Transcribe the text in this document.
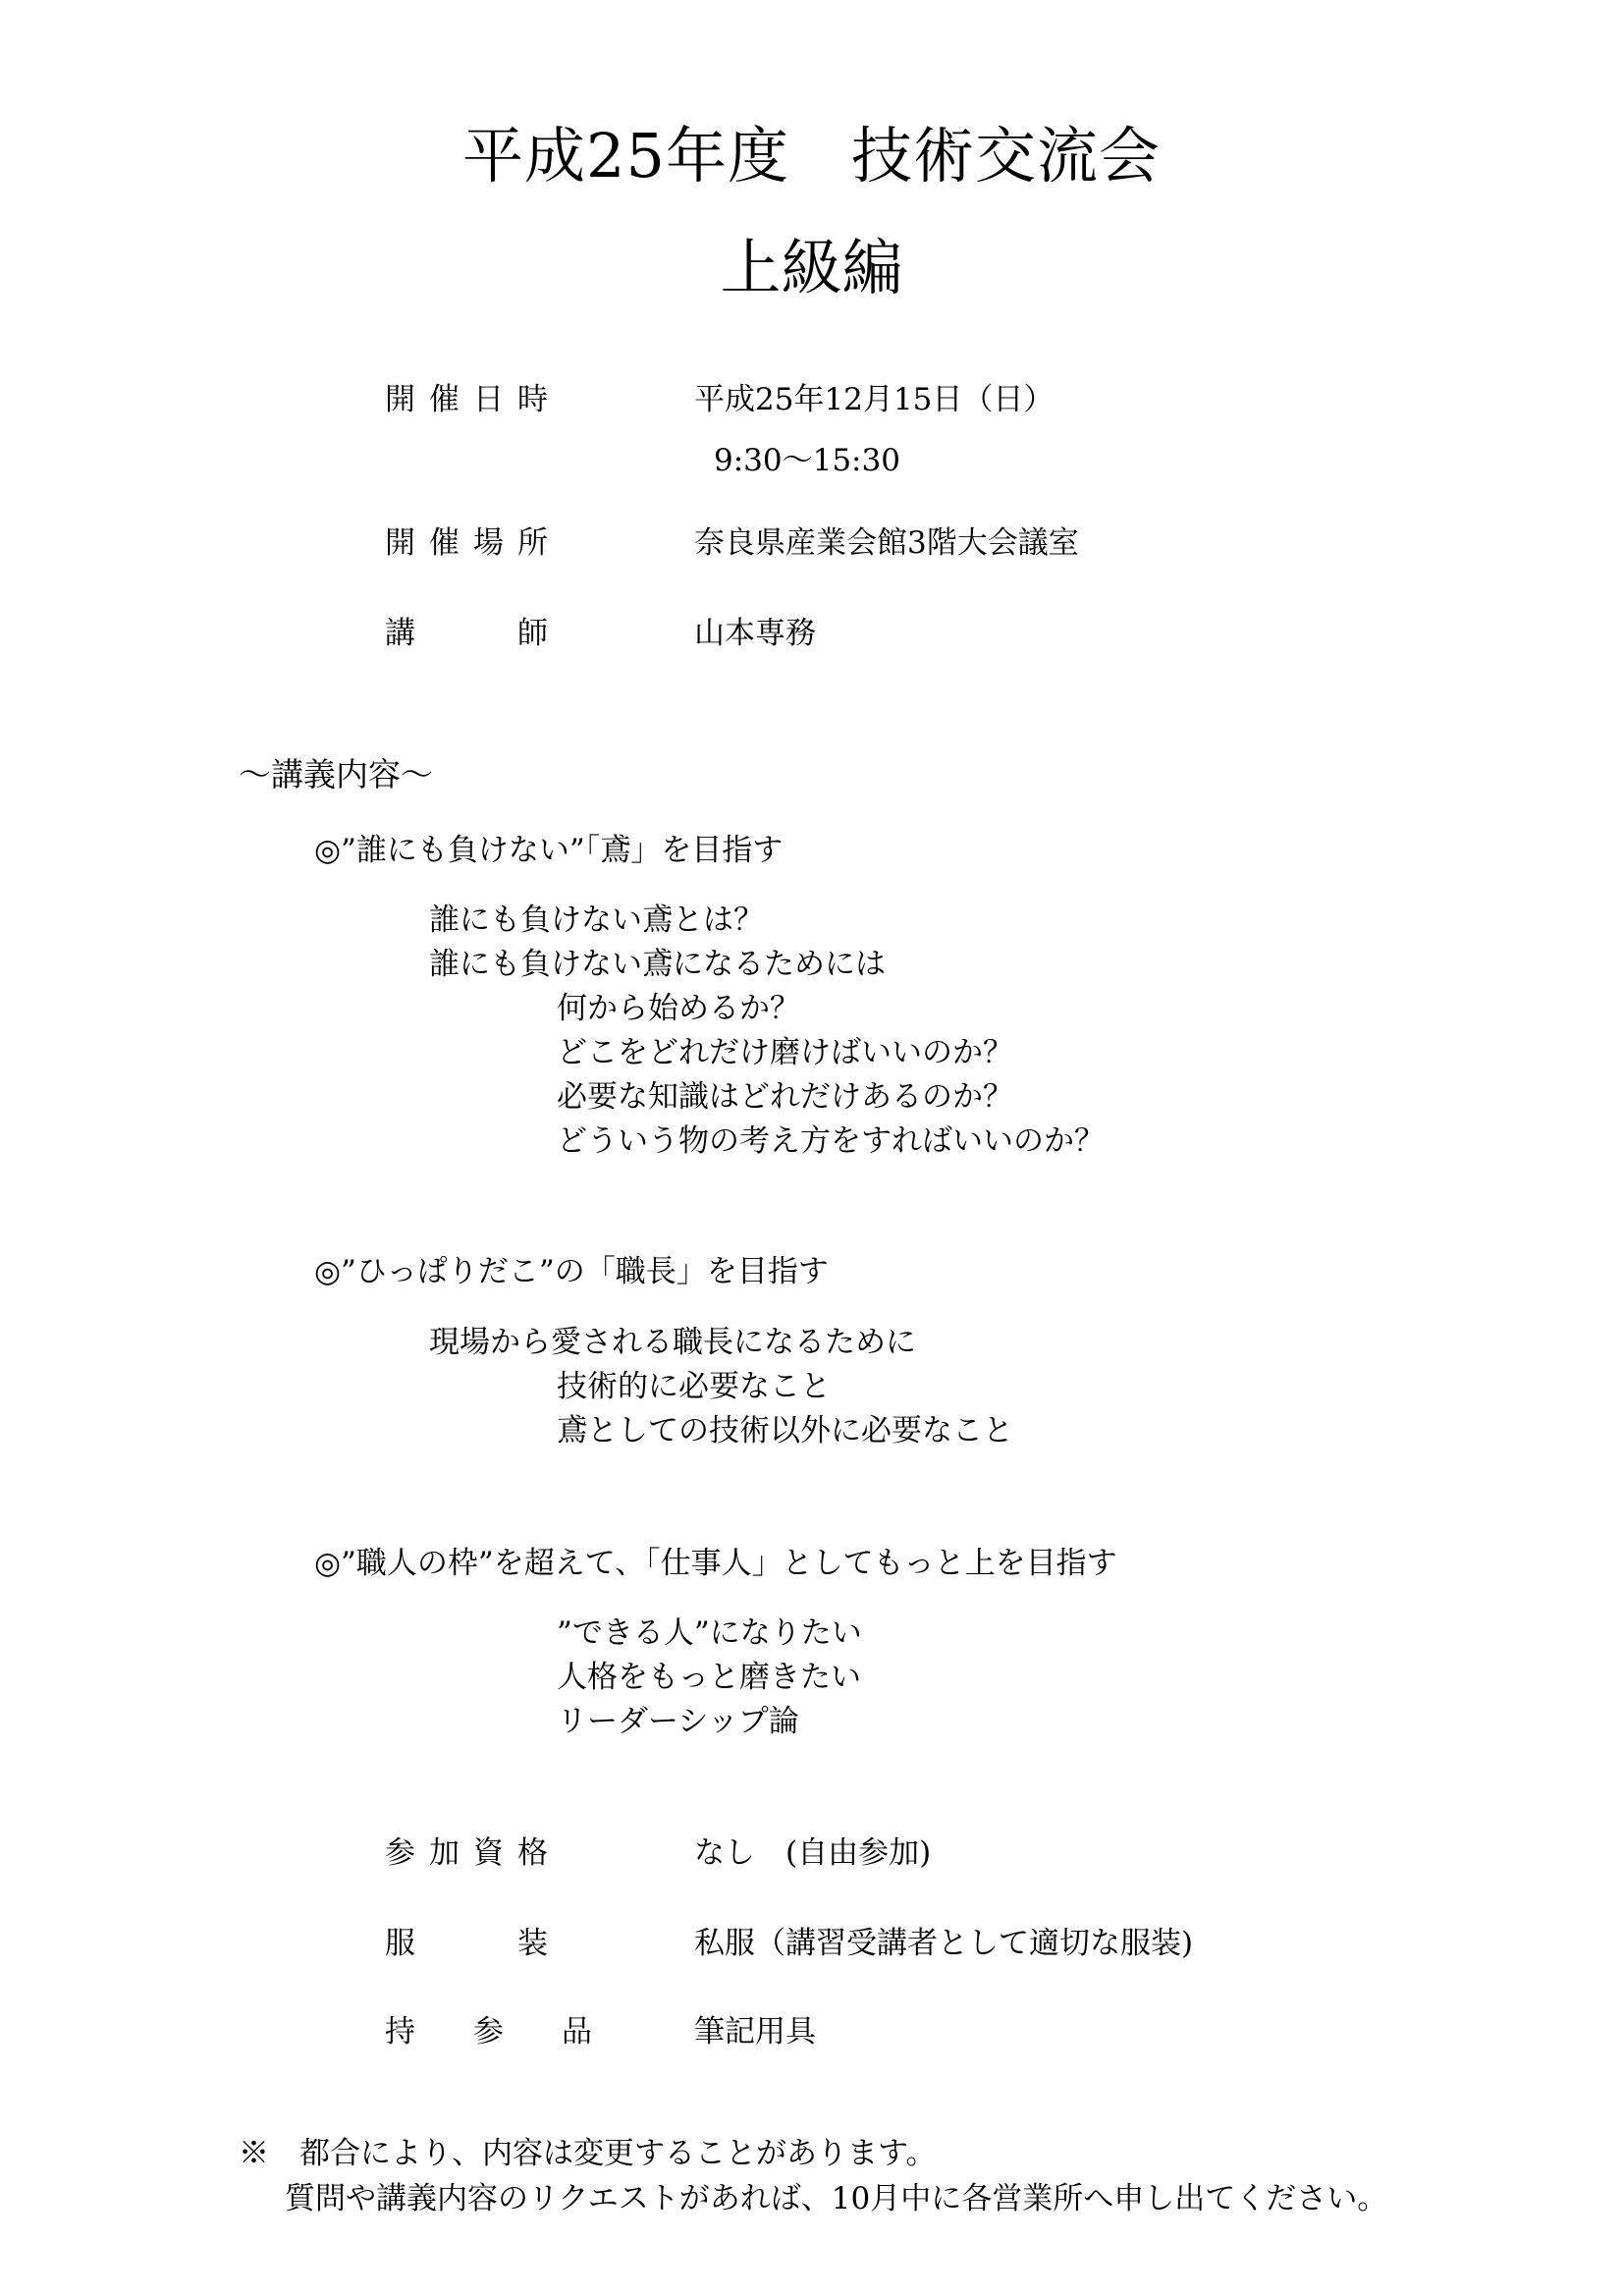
平成25年度　技術交流会
上級編
開催日時	平成25年12月15日（日）
9:30～15:30
開催場所	奈良県産業会館3階大会議室
講　　師	山本専務
～講義内容～
◎”誰にも負けない”「鳶」を目指す
誰にも負けない鳶とは？
誰にも負けない鳶になるためには
何から始めるか？
どこをどれだけ磨けばいいのか？
必要な知識はどれだけあるのか？
どういう物の考え方をすればいいのか？
◎”ひっぱりだこ”の「職長」を目指す
現場から愛される職長になるために
技術的に必要なこと
鳶としての技術以外に必要なこと
◎”職人の枠”を超えて、「仕事人」としてもっと上を目指す
”できる人”になりたい
人格をもっと磨きたい
リーダーシップ論
参加資格	なし　(自由参加)
服　　装	私服（講習受講者として適切な服装)
持　参　品	筆記用具
※　都合により、内容は変更することがあります。
質問や講義内容のリクエストがあれば、10月中に各営業所へ申し出てください。
